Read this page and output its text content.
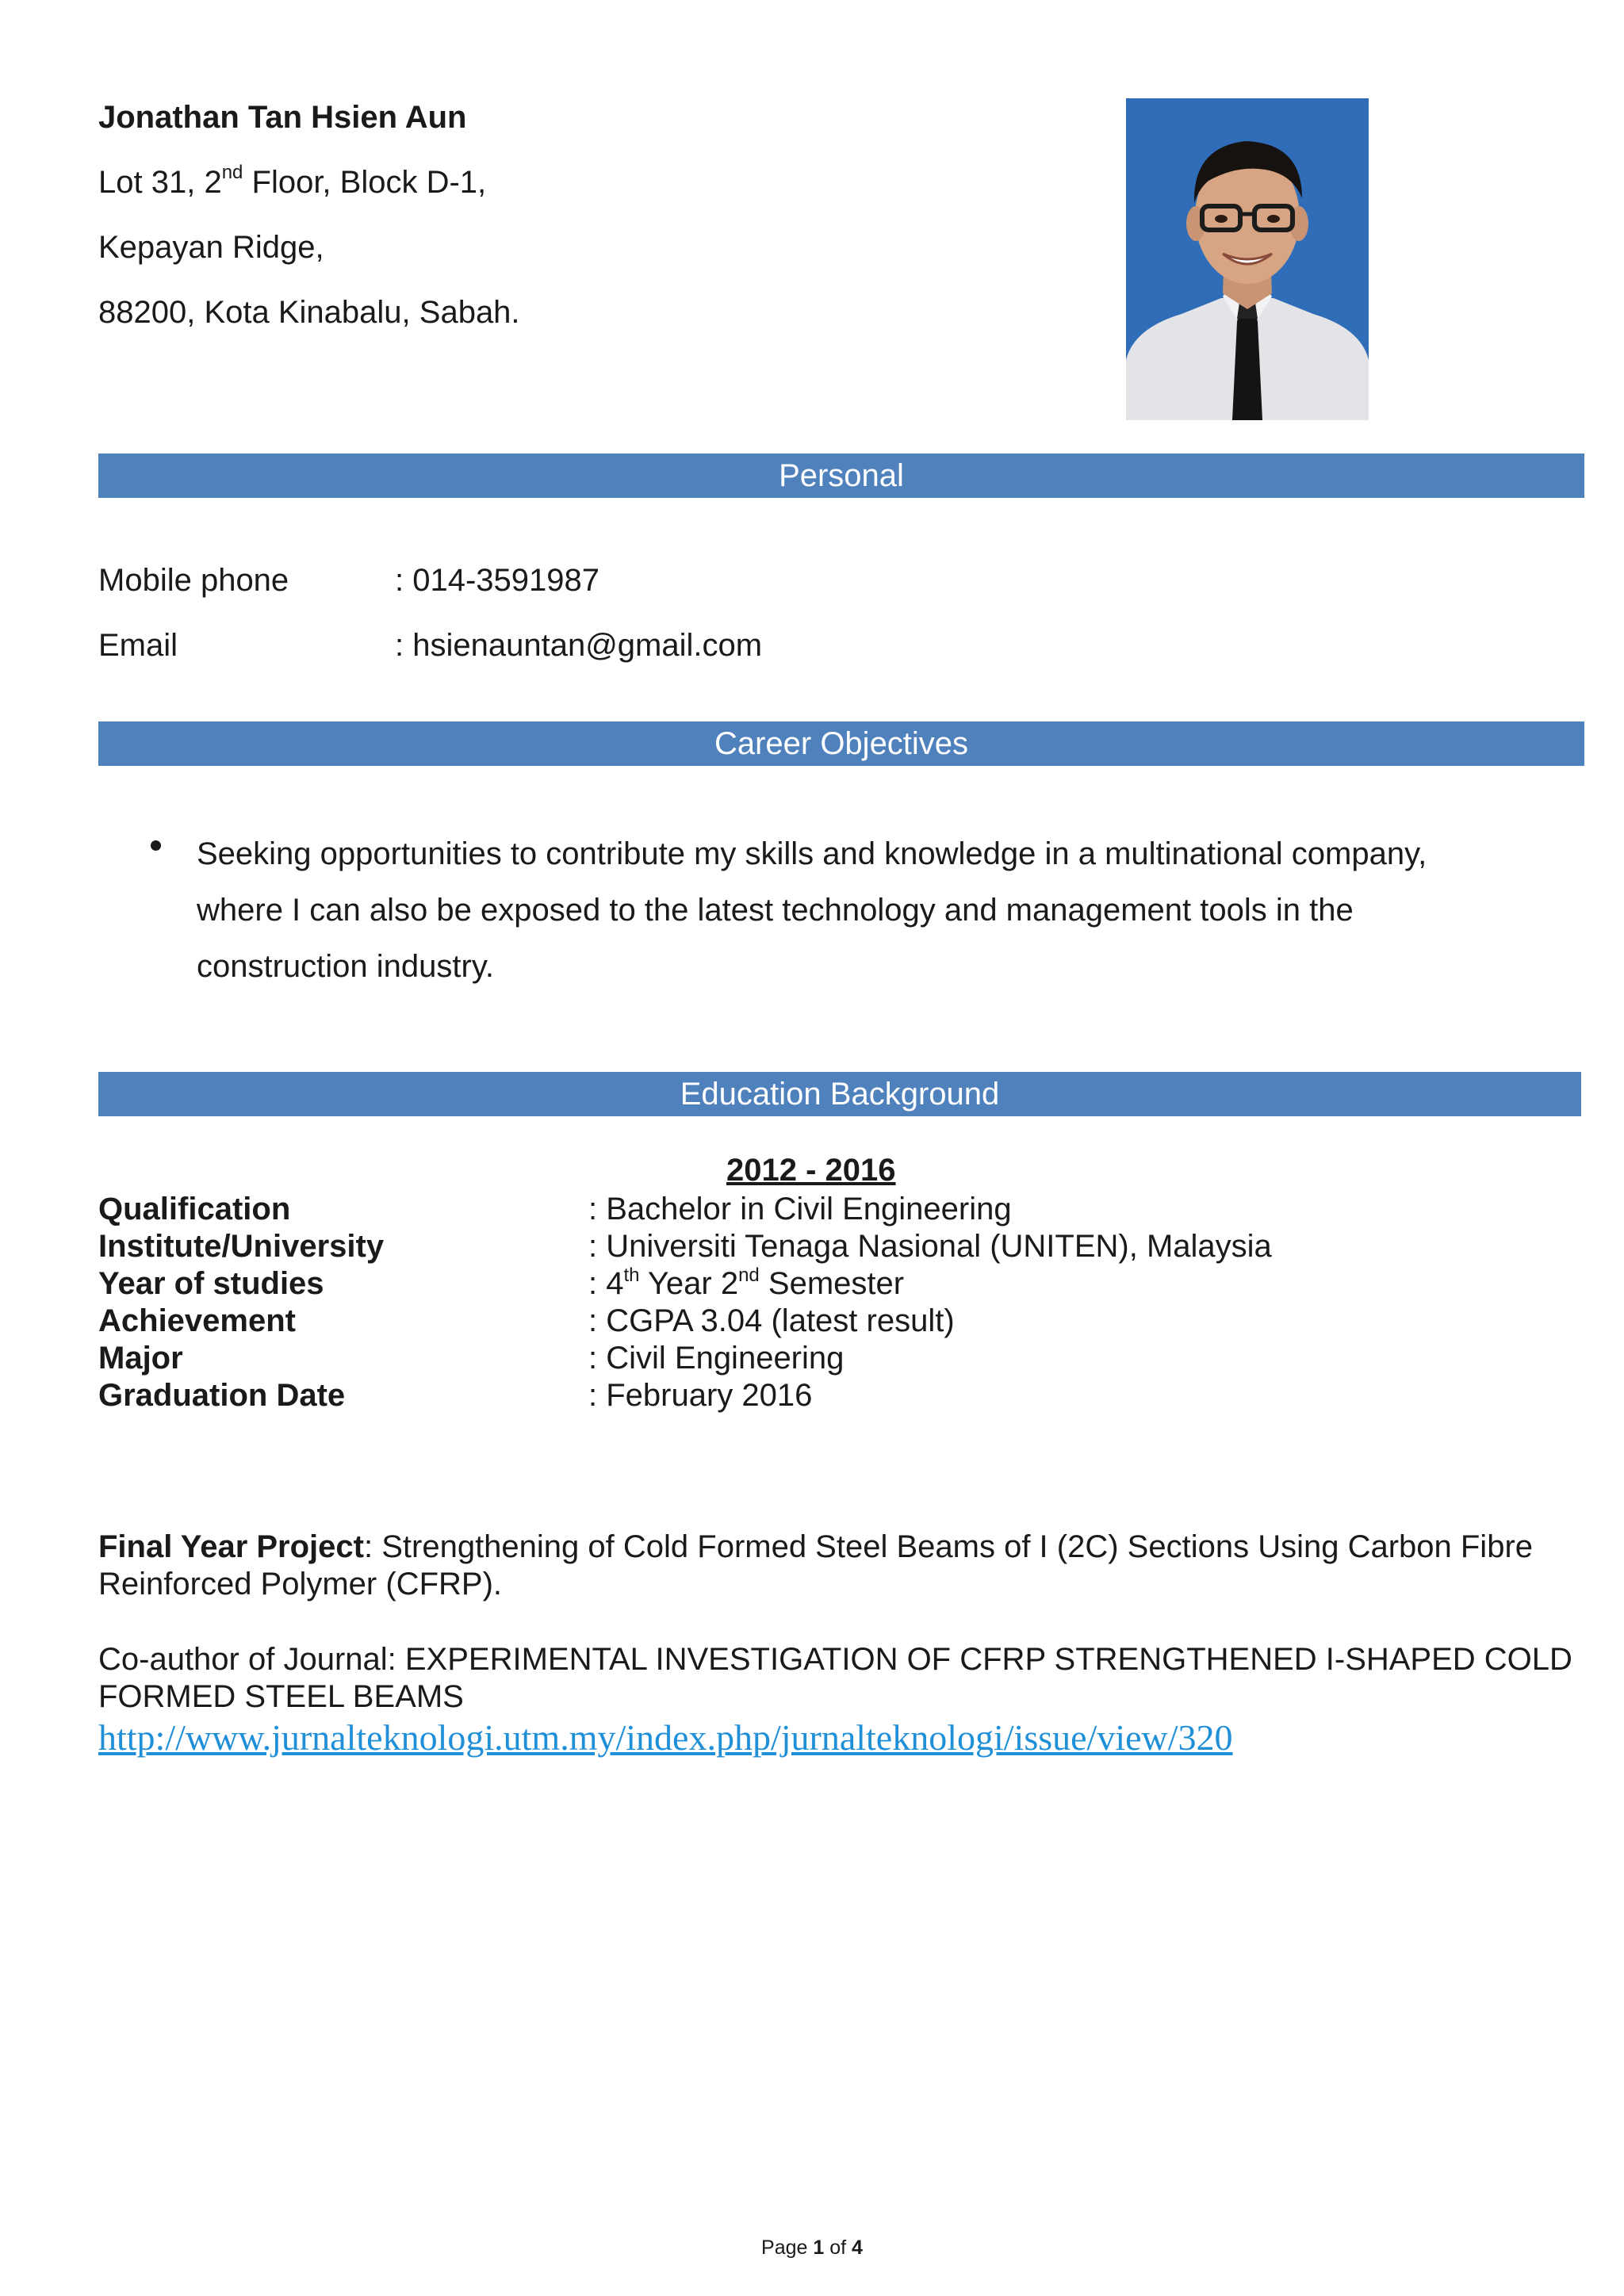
Jonathan Tan Hsien Aun
Lot 31, 2nd Floor, Block D-1,
Kepayan Ridge,
88200, Kota Kinabalu, Sabah.
Personal
Mobile phone	: 014-3591987
Email	: hsienauntan@gmail.com
Career Objectives
Seeking opportunities to contribute my skills and knowledge in a multinational company, where I can also be exposed to the latest technology and management tools in the construction industry.
Education Background
2012 - 2016
Qualification	: Bachelor in Civil Engineering
Institute/University	: Universiti Tenaga Nasional (UNITEN), Malaysia
Year of studies	: 4th Year 2nd Semester
Achievement	: CGPA 3.04 (latest result)
Major	: Civil Engineering
Graduation Date	: February 2016
Final Year Project: Strengthening of Cold Formed Steel Beams of I (2C) Sections Using Carbon Fibre Reinforced Polymer (CFRP).
Co-author of Journal: EXPERIMENTAL INVESTIGATION OF CFRP STRENGTHENED I-SHAPED COLD FORMED STEEL BEAMS
http://www.jurnalteknologi.utm.my/index.php/jurnalteknologi/issue/view/320
Page 1 of 4
